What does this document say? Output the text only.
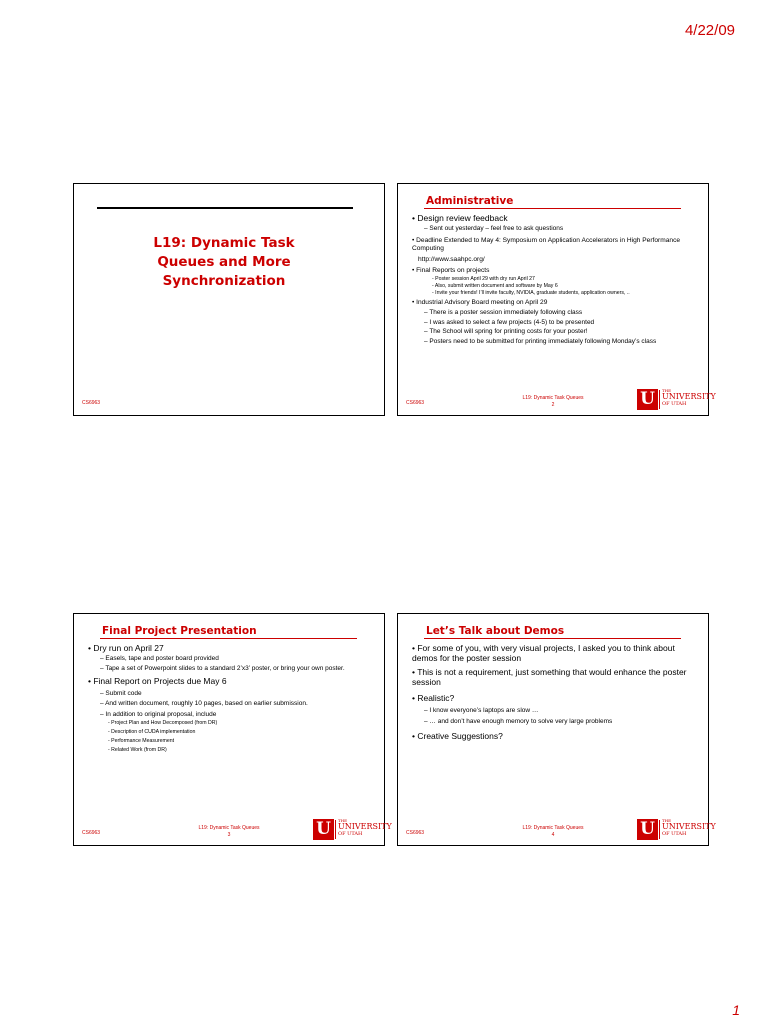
4/22/09
L19: Dynamic Task
Queues and More
Synchronization
CS6963
Administrative
• Design review feedback
– Sent out yesterday – feel free to ask questions
• Deadline Extended to May 4: Symposium on Application Accelerators in High Performance Computing
http://www.saahpc.org/
• Final Reports on projects
- Poster session April 29 with dry run April 27
- Also, submit written document and software by May 6
- Invite your friends! I’ll invite faculty, NVIDIA, graduate students, application owners, ..
• Industrial Advisory Board meeting on April 29
– There is a poster session immediately following class
– I was asked to select a few projects (4-5) to be presented
– The School will spring for printing costs for your poster!
– Posters need to be submitted for printing immediately following Monday’s class
CS6963
L19: Dynamic Task Queues
2	U	THE
UNIVERSITY
OF UTAH
Final Project Presentation
• Dry run on April 27
– Easels, tape and poster board provided
– Tape a set of Powerpoint slides to a standard 2’x3’ poster, or bring your own poster.
• Final Report on Projects due May 6
– Submit code
– And written document, roughly 10 pages, based on earlier submission.
– In addition to original proposal, include
- Project Plan and How Decomposed (from DR)
- Description of CUDA implementation
- Performance Measurement
- Related Work (from DR)
CS6963
L19: Dynamic Task Queues
3	U	THE
UNIVERSITY
OF UTAH
Let’s Talk about Demos
• For some of you, with very visual projects, I asked you to think about demos for the poster session
• This is not a requirement, just something that would enhance the poster session
• Realistic?
– I know everyone’s laptops are slow …
– … and don’t have enough memory to solve very large problems
• Creative Suggestions?
CS6963
L19: Dynamic Task Queues
4	U	THE
UNIVERSITY
OF UTAH
1
